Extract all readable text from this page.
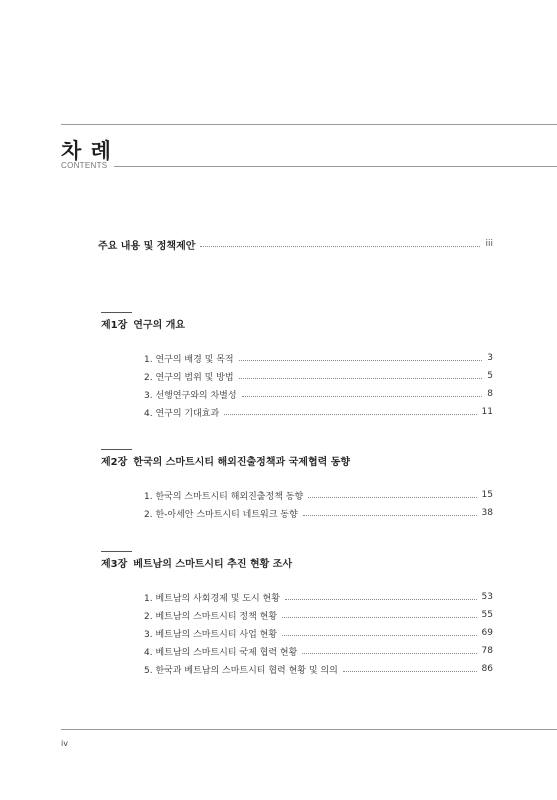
차 례
CONTENTS
주요 내용 및 정책제안	iii
제1장 연구의 개요
1. 연구의 배경 및 목적	3
2. 연구의 범위 및 방법	5
3. 선행연구와의 차별성	8
4. 연구의 기대효과	11
제2장 한국의 스마트시티 해외진출정책과 국제협력 동향
1. 한국의 스마트시티 해외진출정책 동향	15
2. 한-아세안 스마트시티 네트워크 동향	38
제3장 베트남의 스마트시티 추진 현황 조사
1. 베트남의 사회경제 및 도시 현황	53
2. 베트남의 스마트시티 정책 현황	55
3. 베트남의 스마트시티 사업 현황	69
4. 베트남의 스마트시티 국제 협력 현황	78
5. 한국과 베트남의 스마트시티 협력 현황 및 의의	86
iv
